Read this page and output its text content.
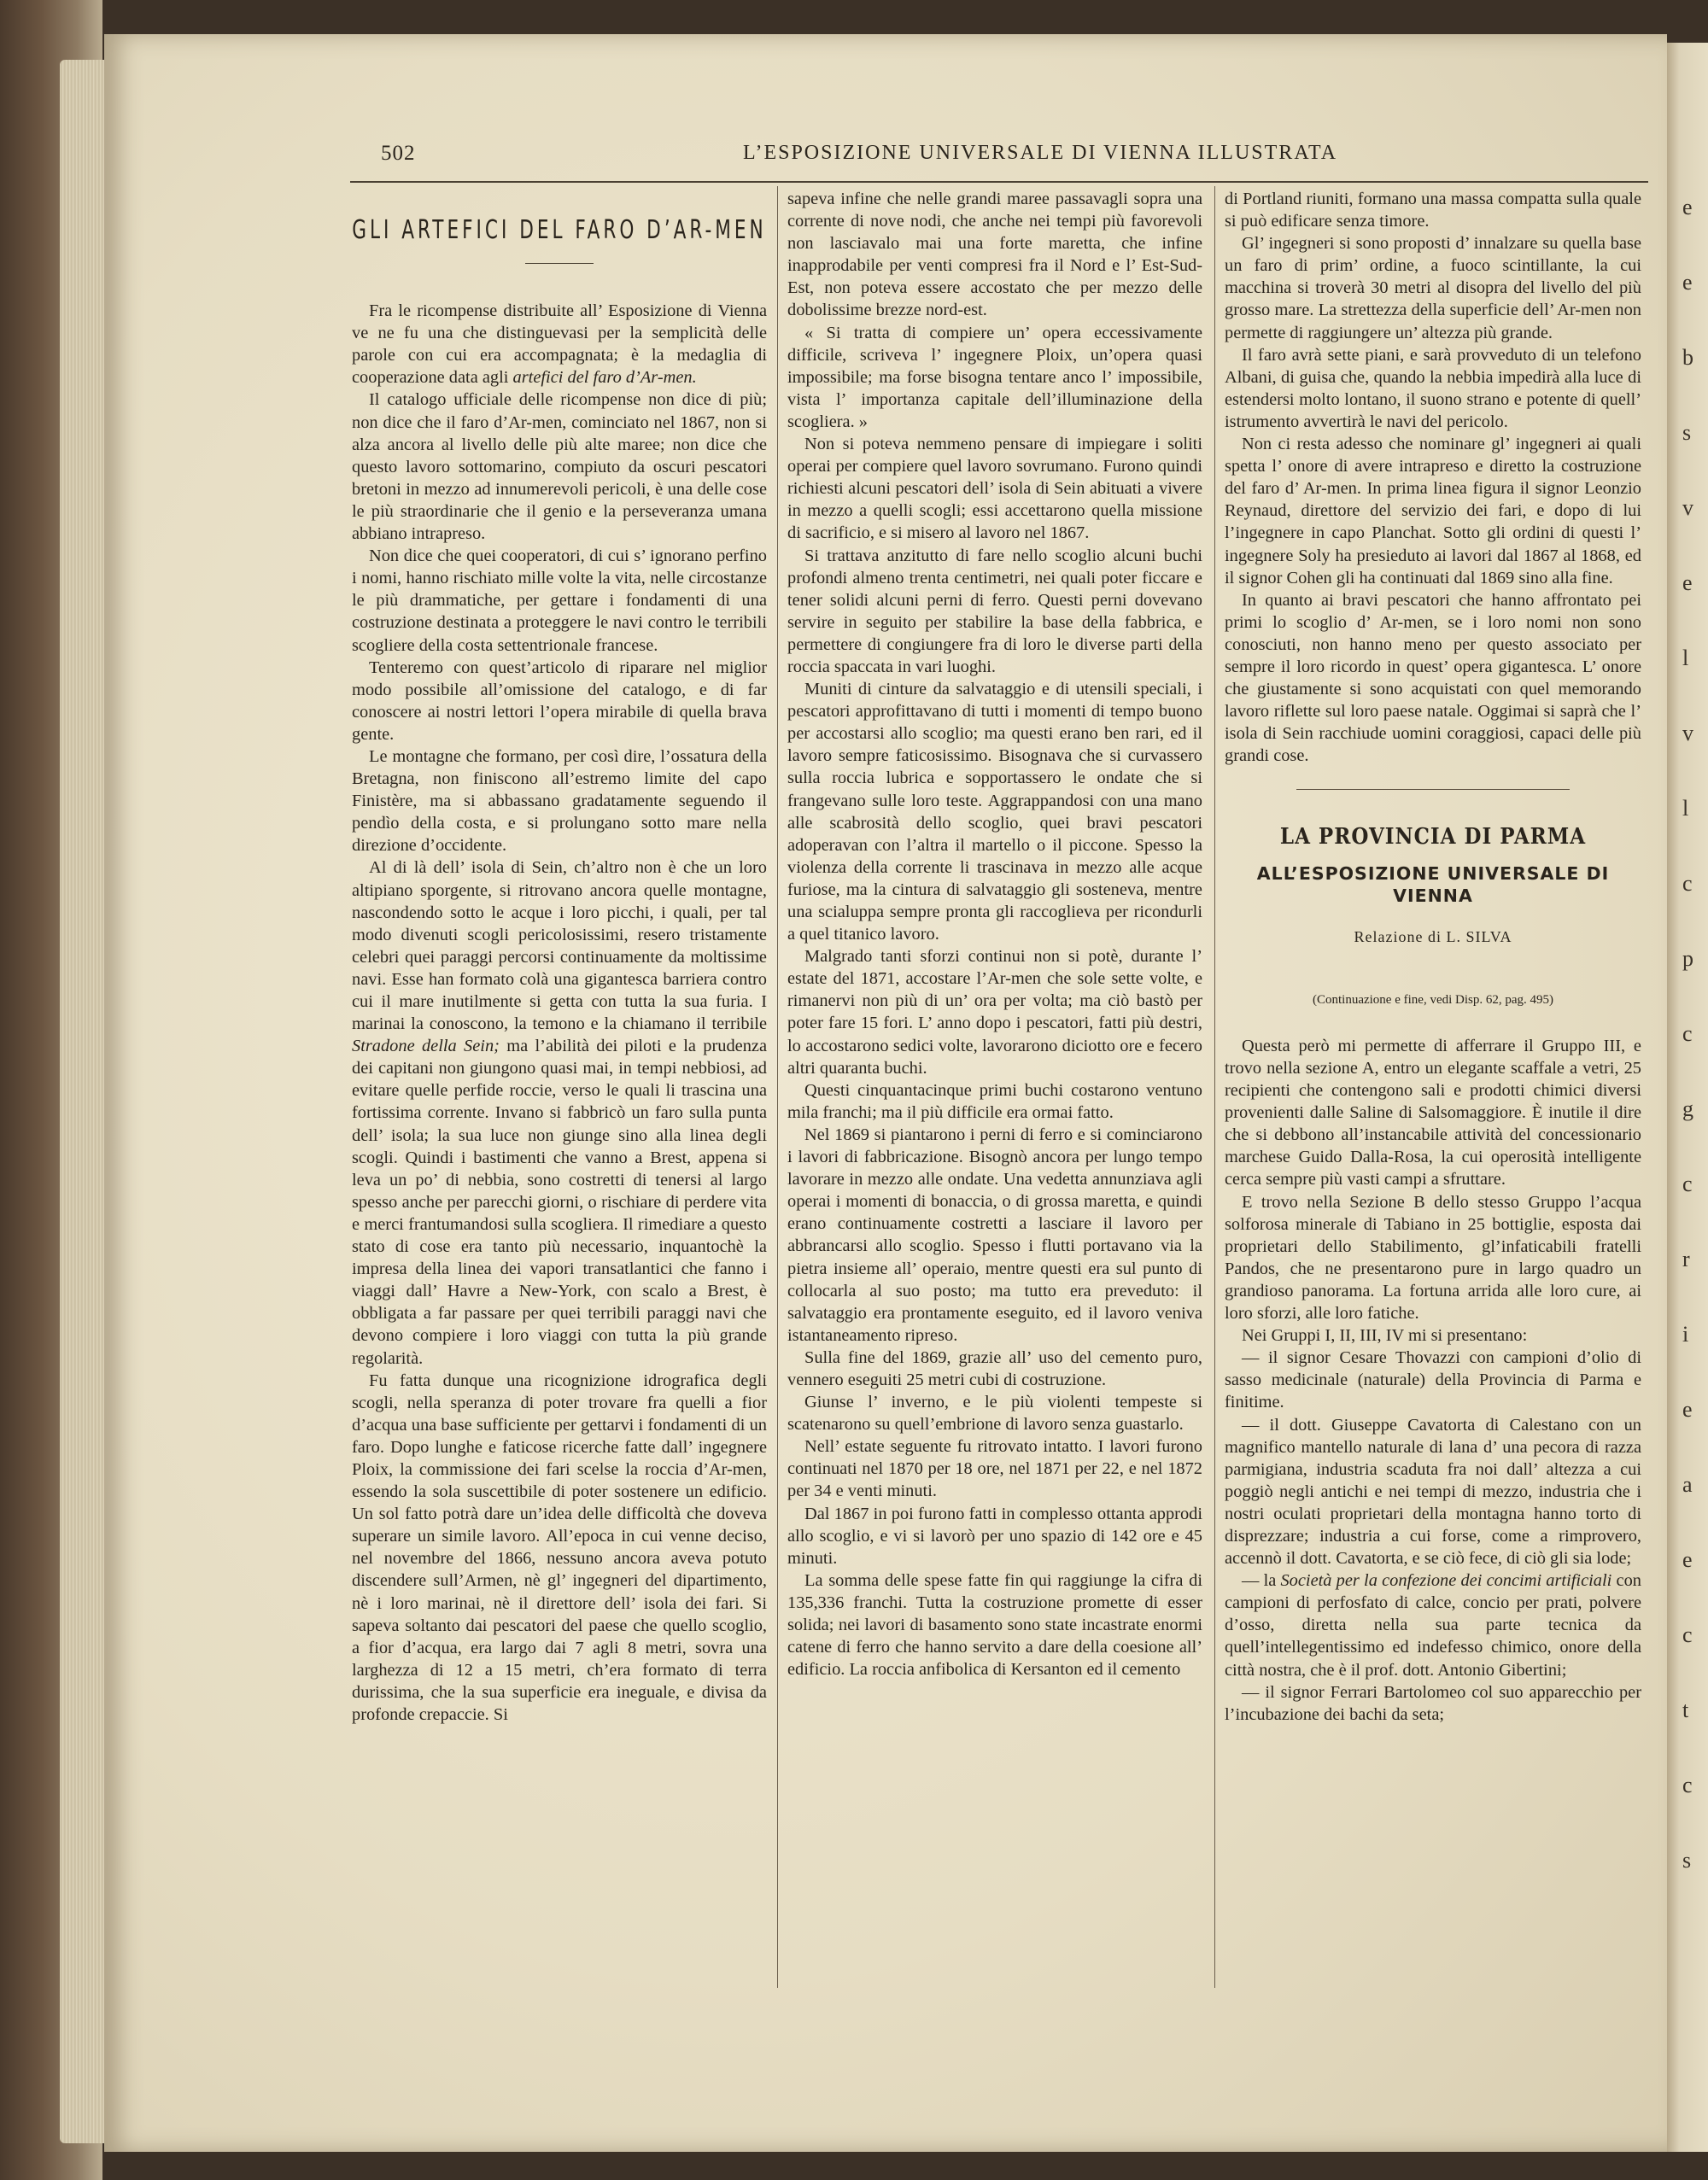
e
e
b
s
v
e
l
v
l
c
p
c
g
c
r
i
e
a
e
c
t
c
s
502	L’ESPOSIZIONE UNIVERSALE DI VIENNA ILLUSTRATA
GLI ARTEFICI DEL FARO D’AR-MEN

Fra le ricompense distribuite all’ Esposizione di Vienna ve ne fu una che distinguevasi per la semplicità delle parole con cui era accompagnata; è la medaglia di cooperazione data agli artefici del faro d’Ar-men.

Il catalogo ufficiale delle ricompense non dice di più; non dice che il faro d’Ar-men, cominciato nel 1867, non si alza ancora al livello delle più alte maree; non dice che questo lavoro sottomarino, compiuto da oscuri pescatori bretoni in mezzo ad innumerevoli pericoli, è una delle cose le più straordinarie che il genio e la perseveranza umana abbiano intrapreso.

Non dice che quei cooperatori, di cui s’ ignorano perfino i nomi, hanno rischiato mille volte la vita, nelle circostanze le più drammatiche, per gettare i fondamenti di una costruzione destinata a proteggere le navi contro le terribili scogliere della costa settentrionale francese.

Tenteremo con quest’articolo di riparare nel miglior modo possibile all’omissione del catalogo, e di far conoscere ai nostri lettori l’opera mirabile di quella brava gente.

Le montagne che formano, per così dire, l’ossatura della Bretagna, non finiscono all’estremo limite del capo Finistère, ma si abbassano gradatamente seguendo il pendìo della costa, e si prolungano sotto mare nella direzione d’occidente.

Al di là dell’ isola di Sein, ch’altro non è che un loro altipiano sporgente, si ritrovano ancora quelle montagne, nascondendo sotto le acque i loro picchi, i quali, per tal modo divenuti scogli pericolosissimi, resero tristamente celebri quei paraggi percorsi continuamente da moltissime navi. Esse han formato colà una gigantesca barriera contro cui il mare inutilmente si getta con tutta la sua furia. I marinai la conoscono, la temono e la chiamano il terribile Stradone della Sein; ma l’abilità dei piloti e la prudenza dei capitani non giungono quasi mai, in tempi nebbiosi, ad evitare quelle perfide roccie, verso le quali li trascina una fortissima corrente. Invano si fabbricò un faro sulla punta dell’ isola; la sua luce non giunge sino alla linea degli scogli. Quindi i bastimenti che vanno a Brest, appena si leva un po’ di nebbia, sono costretti di tenersi al largo spesso anche per parecchi giorni, o rischiare di perdere vita e merci frantumandosi sulla scogliera. Il rimediare a questo stato di cose era tanto più necessario, inquantochè la impresa della linea dei vapori transatlantici che fanno i viaggi dall’ Havre a New-York, con scalo a Brest, è obbligata a far passare per quei terribili paraggi navi che devono compiere i loro viaggi con tutta la più grande regolarità.

Fu fatta dunque una ricognizione idrografica degli scogli, nella speranza di poter trovare fra quelli a fior d’acqua una base sufficiente per gettarvi i fondamenti di un faro. Dopo lunghe e faticose ricerche fatte dall’ ingegnere Ploix, la commissione dei fari scelse la roccia d’Ar-men, essendo la sola suscettibile di poter sostenere un edificio. Un sol fatto potrà dare un’idea delle difficoltà che doveva superare un simile lavoro. All’epoca in cui venne deciso, nel novembre del 1866, nessuno ancora aveva potuto discendere sull’Armen, nè gl’ ingegneri del dipartimento, nè i loro marinai, nè il direttore dell’ isola dei fari. Si sapeva soltanto dai pescatori del paese che quello scoglio, a fior d’acqua, era largo dai 7 agli 8 metri, sovra una larghezza di 12 a 15 metri, ch’era formato di terra durissima, che la sua superficie era ineguale, e divisa da profonde crepaccie. Si

sapeva infine che nelle grandi maree passavagli sopra una corrente di nove nodi, che anche nei tempi più favorevoli non lasciavalo mai una forte maretta, che infine inapprodabile per venti compresi fra il Nord e l’ Est-Sud-Est, non poteva essere accostato che per mezzo delle dobolissime brezze nord-est.

« Si tratta di compiere un’ opera eccessivamente difficile, scriveva l’ ingegnere Ploix, un’opera quasi impossibile; ma forse bisogna tentare anco l’ impossibile, vista l’ importanza capitale dell’illuminazione della scogliera. »

Non si poteva nemmeno pensare di impiegare i soliti operai per compiere quel lavoro sovrumano. Furono quindi richiesti alcuni pescatori dell’ isola di Sein abituati a vivere in mezzo a quelli scogli; essi accettarono quella missione di sacrificio, e si misero al lavoro nel 1867.

Si trattava anzitutto di fare nello scoglio alcuni buchi profondi almeno trenta centimetri, nei quali poter ficcare e tener solidi alcuni perni di ferro. Questi perni dovevano servire in seguito per stabilire la base della fabbrica, e permettere di congiungere fra di loro le diverse parti della roccia spaccata in vari luoghi.

Muniti di cinture da salvataggio e di utensili speciali, i pescatori approfittavano di tutti i momenti di tempo buono per accostarsi allo scoglio; ma questi erano ben rari, ed il lavoro sempre faticosissimo. Bisognava che si curvassero sulla roccia lubrica e sopportassero le ondate che si frangevano sulle loro teste. Aggrappandosi con una mano alle scabrosità dello scoglio, quei bravi pescatori adoperavan con l’altra il martello o il piccone. Spesso la violenza della corrente li trascinava in mezzo alle acque furiose, ma la cintura di salvataggio gli sosteneva, mentre una scialuppa sempre pronta gli raccoglieva per ricondurli a quel titanico lavoro.

Malgrado tanti sforzi continui non si potè, durante l’ estate del 1871, accostare l’Ar-men che sole sette volte, e rimanervi non più di un’ ora per volta; ma ciò bastò per poter fare 15 fori. L’ anno dopo i pescatori, fatti più destri, lo accostarono sedici volte, lavorarono diciotto ore e fecero altri quaranta buchi.

Questi cinquantacinque primi buchi costarono ventuno mila franchi; ma il più difficile era ormai fatto.

Nel 1869 si piantarono i perni di ferro e si cominciarono i lavori di fabbricazione. Bisognò ancora per lungo tempo lavorare in mezzo alle ondate. Una vedetta annunziava agli operai i momenti di bonaccia, o di grossa maretta, e quindi erano continuamente costretti a lasciare il lavoro per abbrancarsi allo scoglio. Spesso i flutti portavano via la pietra insieme all’ operaio, mentre questi era sul punto di collocarla al suo posto; ma tutto era preveduto: il salvataggio era prontamente eseguito, ed il lavoro veniva istantaneamento ripreso.

Sulla fine del 1869, grazie all’ uso del cemento puro, vennero eseguiti 25 metri cubi di costruzione.

Giunse l’ inverno, e le più violenti tempeste si scatenarono su quell’embrione di lavoro senza guastarlo.

Nell’ estate seguente fu ritrovato intatto. I lavori furono continuati nel 1870 per 18 ore, nel 1871 per 22, e nel 1872 per 34 e venti minuti.

Dal 1867 in poi furono fatti in complesso ottanta approdi allo scoglio, e vi si lavorò per uno spazio di 142 ore e 45 minuti.

La somma delle spese fatte fin qui raggiunge la cifra di 135,336 franchi. Tutta la costruzione promette di esser solida; nei lavori di basamento sono state incastrate enormi catene di ferro che hanno servito a dare della coesione all’ edificio. La roccia anfibolica di Kersanton ed il cemento

di Portland riuniti, formano una massa compatta sulla quale si può edificare senza timore.

Gl’ ingegneri si sono proposti d’ innalzare su quella base un faro di prim’ ordine, a fuoco scintillante, la cui macchina si troverà 30 metri al disopra del livello del più grosso mare. La strettezza della superficie dell’ Ar-men non permette di raggiungere un’ altezza più grande.

Il faro avrà sette piani, e sarà provveduto di un telefono Albani, di guisa che, quando la nebbia impedirà alla luce di estendersi molto lontano, il suono strano e potente di quell’ istrumento avvertirà le navi del pericolo.

Non ci resta adesso che nominare gl’ ingegneri ai quali spetta l’ onore di avere intrapreso e diretto la costruzione del faro d’ Ar-men. In prima linea figura il signor Leonzio Reynaud, direttore del servizio dei fari, e dopo di lui l’ingegnere in capo Planchat. Sotto gli ordini di questi l’ ingegnere Soly ha presieduto ai lavori dal 1867 al 1868, ed il signor Cohen gli ha continuati dal 1869 sino alla fine.

In quanto ai bravi pescatori che hanno affrontato pei primi lo scoglio d’ Ar-men, se i loro nomi non sono conosciuti, non hanno meno per questo associato per sempre il loro ricordo in quest’ opera gigantesca. L’ onore che giustamente si sono acquistati con quel memorando lavoro riflette sul loro paese natale. Oggimai si saprà che l’ isola di Sein racchiude uomini coraggiosi, capaci delle più grandi cose.

LA PROVINCIA DI PARMA
ALL’ESPOSIZIONE UNIVERSALE DI VIENNA
Relazione di L. SILVA
(Continuazione e fine, vedi Disp. 62, pag. 495)

Questa però mi permette di afferrare il Gruppo III, e trovo nella sezione A, entro un elegante scaffale a vetri, 25 recipienti che contengono sali e prodotti chimici diversi provenienti dalle Saline di Salsomaggiore. È inutile il dire che si debbono all’instancabile attività del concessionario marchese Guido Dalla-Rosa, la cui operosità intelligente cerca sempre più vasti campi a sfruttare.

E trovo nella Sezione B dello stesso Gruppo l’acqua solforosa minerale di Tabiano in 25 bottiglie, esposta dai proprietari dello Stabilimento, gl’infaticabili fratelli Pandos, che ne presentarono pure in largo quadro un grandioso panorama. La fortuna arrida alle loro cure, ai loro sforzi, alle loro fatiche.

Nei Gruppi I, II, III, IV mi si presentano:

— il signor Cesare Thovazzi con campioni d’olio di sasso medicinale (naturale) della Provincia di Parma e finitime.

— il dott. Giuseppe Cavatorta di Calestano con un magnifico mantello naturale di lana d’ una pecora di razza parmigiana, industria scaduta fra noi dall’ altezza a cui poggiò negli antichi e nei tempi di mezzo, industria che i nostri oculati proprietari della montagna hanno torto di disprezzare; industria a cui forse, come a rimprovero, accennò il dott. Cavatorta, e se ciò fece, di ciò gli sia lode;

— la Società per la confezione dei concimi artificiali con campioni di perfosfato di calce, concio per prati, polvere d’osso, diretta nella sua parte tecnica da quell’intellegentissimo ed indefesso chimico, onore della città nostra, che è il prof. dott. Antonio Gibertini;

— il signor Ferrari Bartolomeo col suo apparecchio per l’incubazione dei bachi da seta;
